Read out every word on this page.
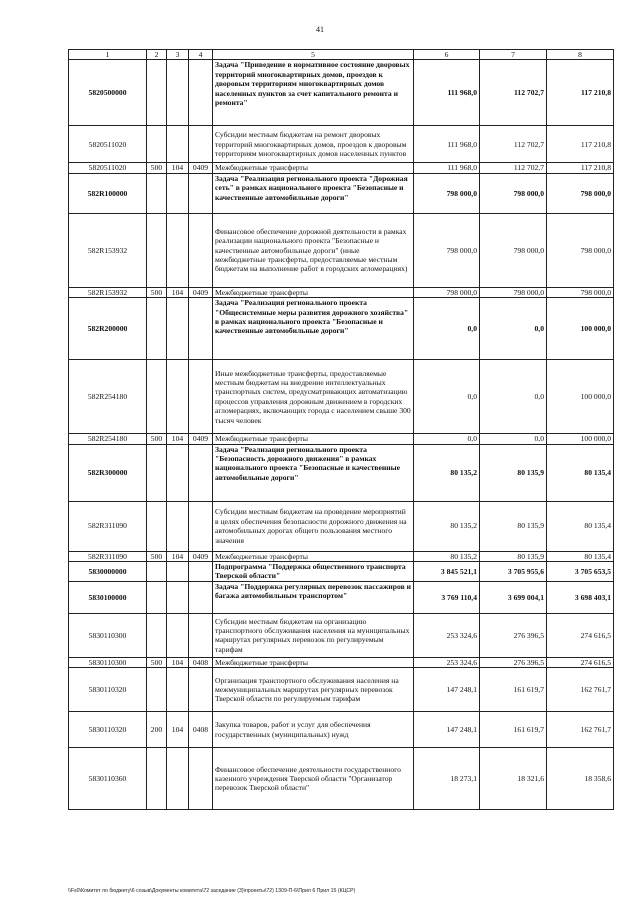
41
1	2	3	4	5	6	7	8
5820500000				Задача "Приведение в нормативное состояние дворовых территорий многоквартирных домов, проездов к дворовым территориям многоквартирных домов населенных пунктов за счет капитального ремонта и ремонта"	111 968,0	112 702,7	117 210,8
5820511020				Субсидии местным бюджетам на ремонт дворовых территорий многоквартирных домов, проездов к дворовым территориям многоквартирных домов населенных пунктов	111 968,0	112 702,7	117 210,8
5820511020	500	104	0409	Межбюджетные трансферты	111 968,0	112 702,7	117 210,8
582R100000				Задача "Реализация регионального проекта "Дорожная сеть" в рамках национального проекта "Безопасные и качественные автомобильные дороги"	798 000,0	798 000,0	798 000,0
582R153932				Финансовое обеспечение дорожной деятельности в рамках реализации национального проекта "Безопасные и качественные автомобильные дороги" (иные межбюджетные трансферты, предоставляемые местным бюджетам на выполнение работ в городских агломерациях)	798 000,0	798 000,0	798 000,0
582R153932	500	104	0409	Межбюджетные трансферты	798 000,0	798 000,0	798 000,0
582R200000				Задача "Реализация регионального проекта "Общесистемные меры развития дорожного хозяйства" в рамках национального проекта "Безопасные и качественные автомобильные дороги"	0,0	0,0	100 000,0
582R254180				Иные межбюджетные трансферты, предоставляемые местным бюджетам на внедрение интеллектуальных транспортных систем, предусматривающих автоматизацию процессов управления дорожным движением в городских агломерациях, включающих города с населением свыше 300 тысяч человек	0,0	0,0	100 000,0
582R254180	500	104	0409	Межбюджетные трансферты	0,0	0,0	100 000,0
582R300000				Задача "Реализация регионального проекта "Безопасность дорожного движения" в рамках национального проекта "Безопасные и качественные автомобильные дороги"	80 135,2	80 135,9	80 135,4
582R311090				Субсидии местным бюджетам на проведение мероприятий в целях обеспечения безопасности дорожного движения на автомобильных дорогах общего пользования местного значения	80 135,2	80 135,9	80 135,4
582R311090	500	104	0409	Межбюджетные трансферты	80 135,2	80 135,9	80 135,4
5830000000				Подпрограмма "Поддержка общественного транспорта Тверской области"	3 845 521,1	3 705 955,6	3 705 653,5
5830100000				Задача "Поддержка регулярных перевозок пассажиров и багажа автомобильным транспортом"	3 769 110,4	3 699 004,1	3 698 403,1
5830110300				Субсидии местным бюджетам на организацию транспортного обслуживания населения на муниципальных маршрутах регулярных перевозок по регулируемым тарифам	253 324,6	276 396,5	274 616,5
5830110300	500	104	0408	Межбюджетные трансферты	253 324,6	276 396,5	274 616,5
5830110320				Организация транспортного обслуживания населения на межмуниципальных маршрутах регулярных перевозок Тверской области по регулируемым тарифам	147 248,1	161 619,7	162 761,7
5830110320	200	104	0408	Закупка товаров, работ и услуг для обеспечения государственных (муниципальных) нужд	147 248,1	161 619,7	162 761,7
5830110360				Финансовое обеспечение деятельности государственного казенного учреждения Тверской области "Организатор перевозок Тверской области"	18 273,1	18 321,6	18 358,6
\\Fs0\Комитет по бюджету\6 созыв\Документы комитета\72 заседание (3)\проекты\72) 1309-П-6\Прил 6 Прил 15 (КЦСР)
